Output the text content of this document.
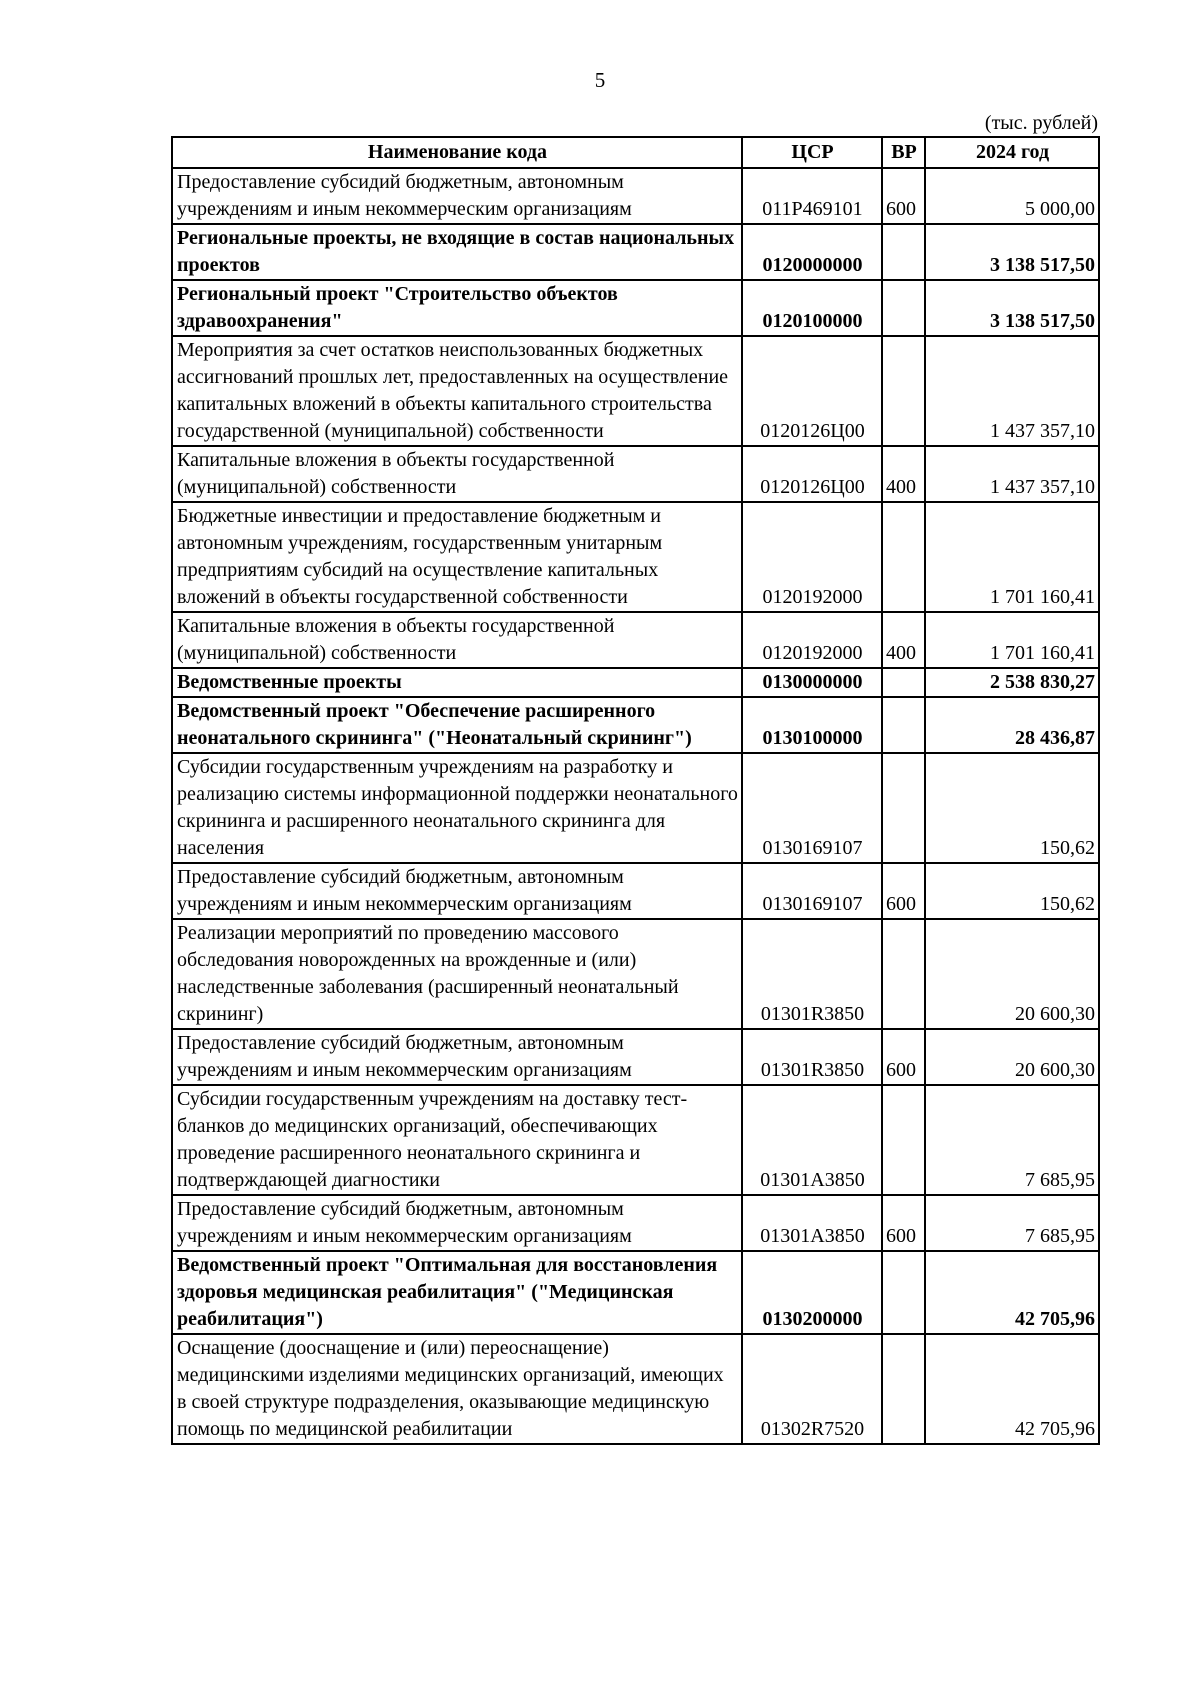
5
(тыс. рублей)
Наименование кода	ЦСР	ВР	2024 год
Предоставление субсидий бюджетным, автономным учреждениям и иным некоммерческим организациям	011Р469101	600	5 000,00
Региональные проекты, не входящие в состав национальных проектов	0120000000		3 138 517,50
Региональный проект "Строительство объектов здравоохранения"	0120100000		3 138 517,50
Мероприятия за счет остатков неиспользованных бюджетных ассигнований прошлых лет, предоставленных на осуществление капитальных вложений в объекты капитального строительства государственной (муниципальной) собственности	0120126Ц00		1 437 357,10
Капитальные вложения в объекты государственной (муниципальной) собственности	0120126Ц00	400	1 437 357,10
Бюджетные инвестиции и предоставление бюджетным и автономным учреждениям, государственным унитарным предприятиям субсидий на осуществление капитальных вложений в объекты государственной собственности	0120192000		1 701 160,41
Капитальные вложения в объекты государственной (муниципальной) собственности	0120192000	400	1 701 160,41
Ведомственные проекты	0130000000		2 538 830,27
Ведомственный проект "Обеспечение расширенного неонатального скрининга" ("Неонатальный скрининг")	0130100000		28 436,87
Субсидии государственным учреждениям на разработку и реализацию системы информационной поддержки неонатального скрининга и расширенного неонатального скрининга для населения	0130169107		150,62
Предоставление субсидий бюджетным, автономным учреждениям и иным некоммерческим организациям	0130169107	600	150,62
Реализации мероприятий по проведению массового обследования новорожденных на врожденные и (или) наследственные заболевания (расширенный неонатальный скрининг)	01301R3850		20 600,30
Предоставление субсидий бюджетным, автономным учреждениям и иным некоммерческим организациям	01301R3850	600	20 600,30
Субсидии государственным учреждениям на доставку тест-бланков до медицинских организаций, обеспечивающих проведение расширенного неонатального скрининга и подтверждающей диагностики	01301А3850		7 685,95
Предоставление субсидий бюджетным, автономным учреждениям и иным некоммерческим организациям	01301А3850	600	7 685,95
Ведомственный проект "Оптимальная для восстановления здоровья медицинская реабилитация" ("Медицинская реабилитация")	0130200000		42 705,96
Оснащение (дооснащение и (или) переоснащение) медицинскими изделиями медицинских организаций, имеющих в своей структуре подразделения, оказывающие медицинскую помощь по медицинской реабилитации	01302R7520		42 705,96
